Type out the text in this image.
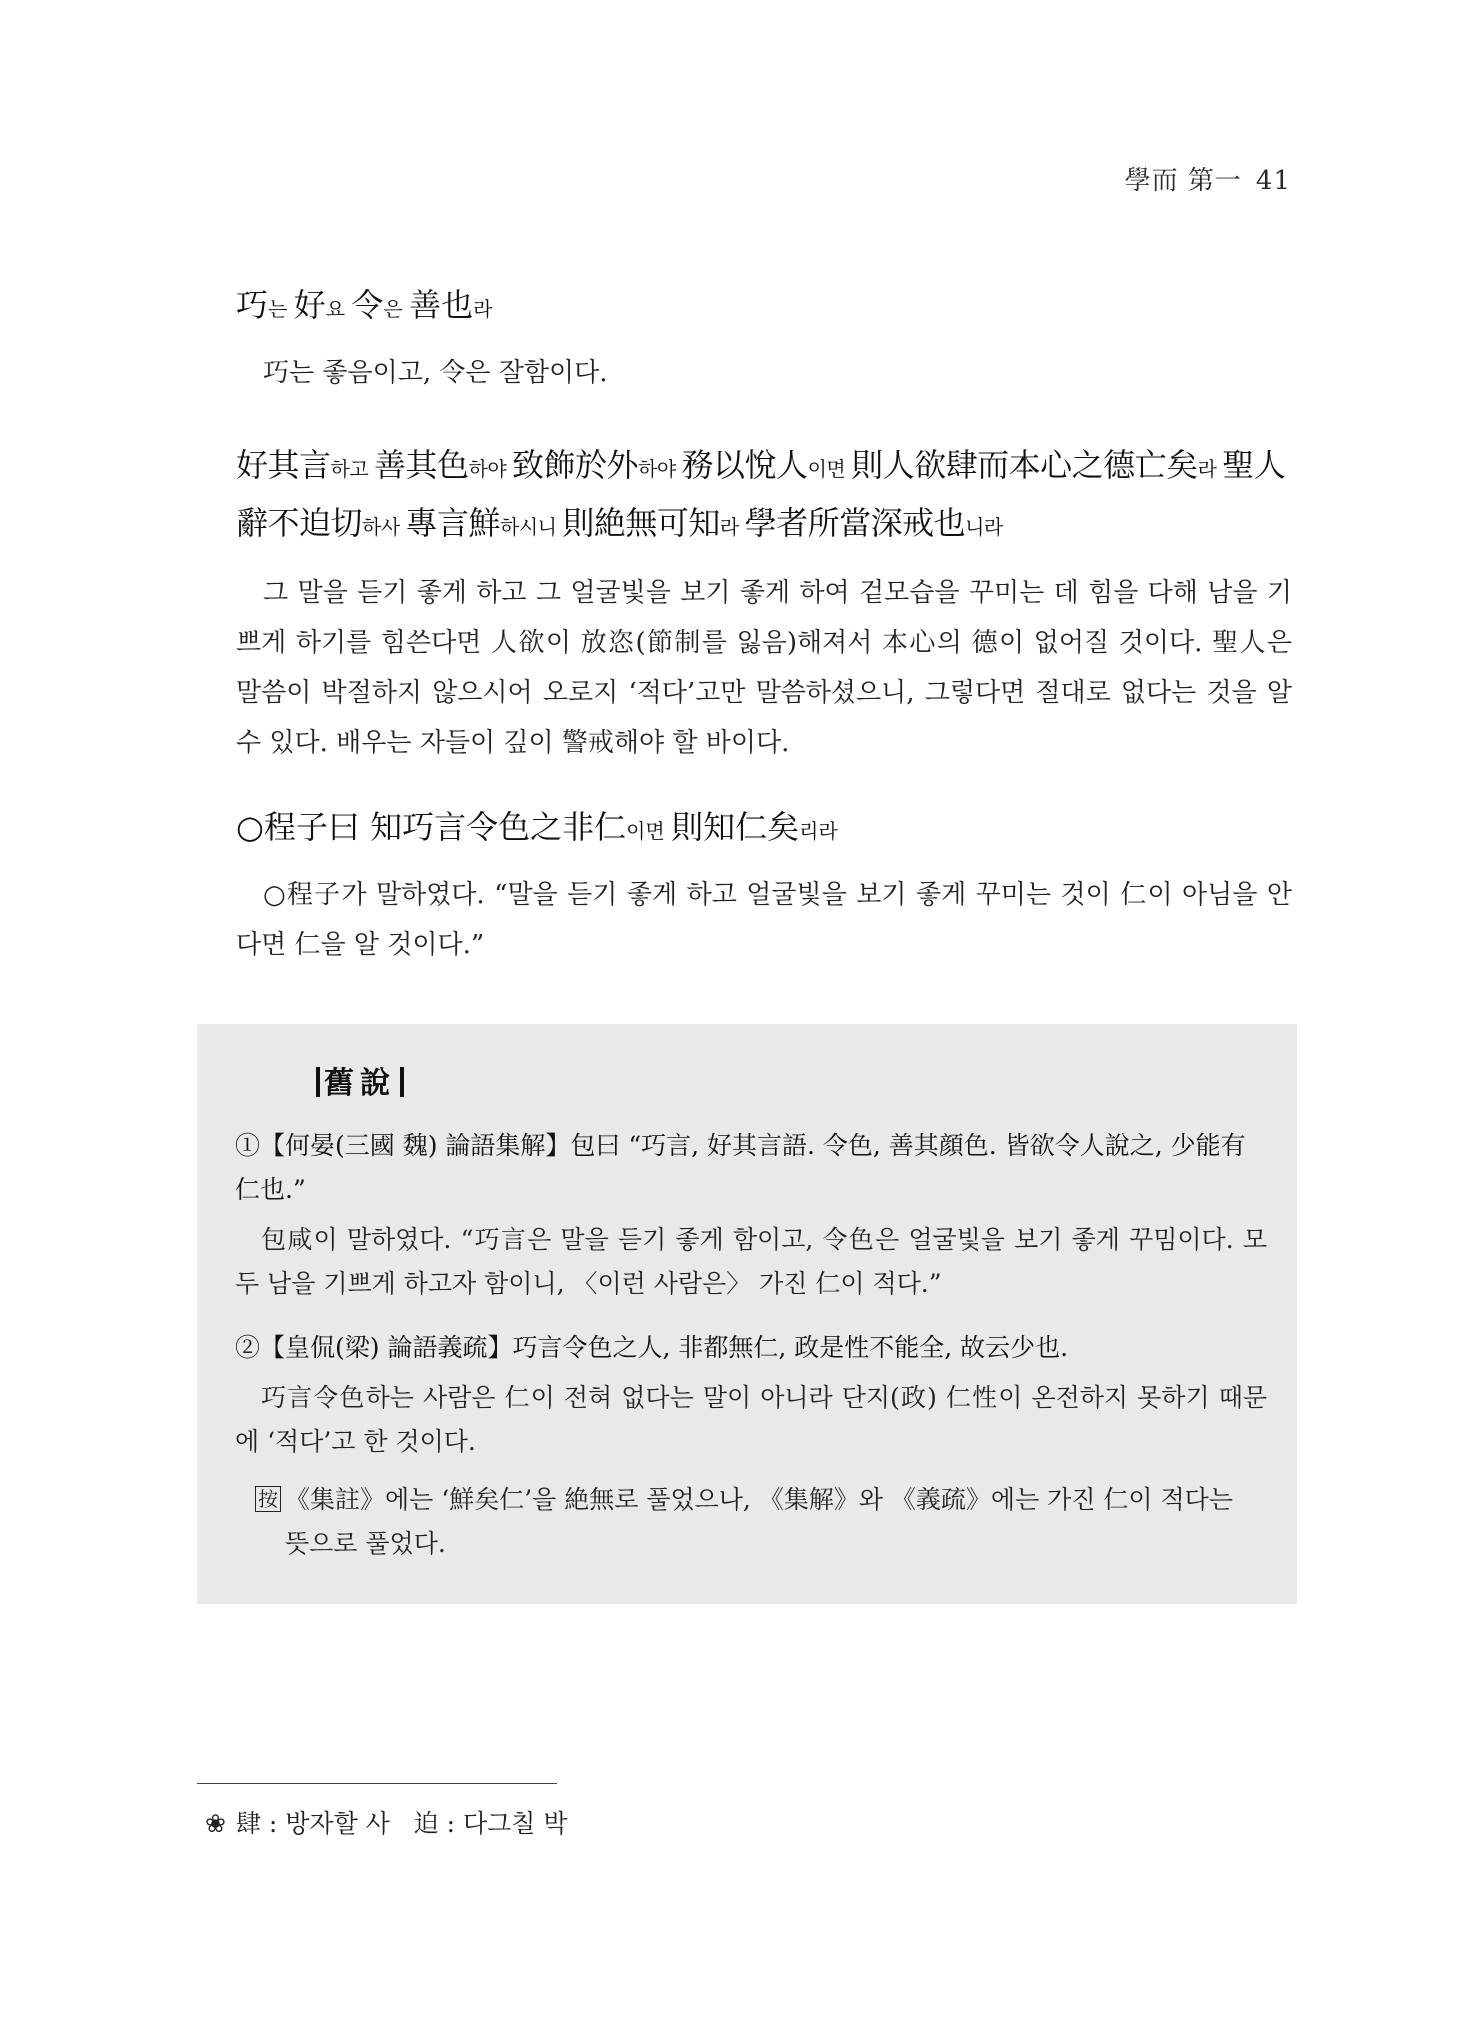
學而 第一 41
巧는 好요 令은 善也라
巧는 좋음이고, 令은 잘함이다.
好其言하고 善其色하야 致飾於外하야 務以悅人이면 則人欲肆而本心之德亡矣라 聖人
辭不迫切하사 專言鮮하시니 則絶無可知라 學者所當深戒也니라
그 말을 듣기 좋게 하고 그 얼굴빛을 보기 좋게 하여 겉모습을 꾸미는 데 힘을 다해 남을 기쁘게 하기를 힘쓴다면 人欲이 放恣(節制를 잃음)해져서 本心의 德이 없어질 것이다. 聖人은 말씀이 박절하지 않으시어 오로지 ‘적다’고만 말씀하셨으니, 그렇다면 절대로 없다는 것을 알 수 있다. 배우는 자들이 깊이 警戒해야 할 바이다.
○程子曰 知巧言令色之非仁이면 則知仁矣리라
○程子가 말하였다. “말을 듣기 좋게 하고 얼굴빛을 보기 좋게 꾸미는 것이 仁이 아님을 안다면 仁을 알 것이다.”
舊說
①【何晏(三國 魏) 論語集解】包曰 “巧言, 好其言語. 令色, 善其顔色. 皆欲令人說之, 少能有仁也.”
包咸이 말하였다. “巧言은 말을 듣기 좋게 함이고, 令色은 얼굴빛을 보기 좋게 꾸밈이다. 모두 남을 기쁘게 하고자 함이니, 〈이런 사람은〉 가진 仁이 적다.”
②【皇侃(梁) 論語義疏】巧言令色之人, 非都無仁, 政是性不能全, 故云少也.
巧言令色하는 사람은 仁이 전혀 없다는 말이 아니라 단지(政) 仁性이 온전하지 못하기 때문에 ‘적다’고 한 것이다.
按 《集註》에는 ‘鮮矣仁’을 絶無로 풀었으나, 《集解》와 《義疏》에는 가진 仁이 적다는 뜻으로 풀었다.
❀ 肆 : 방자할 사   迫 : 다그칠 박
